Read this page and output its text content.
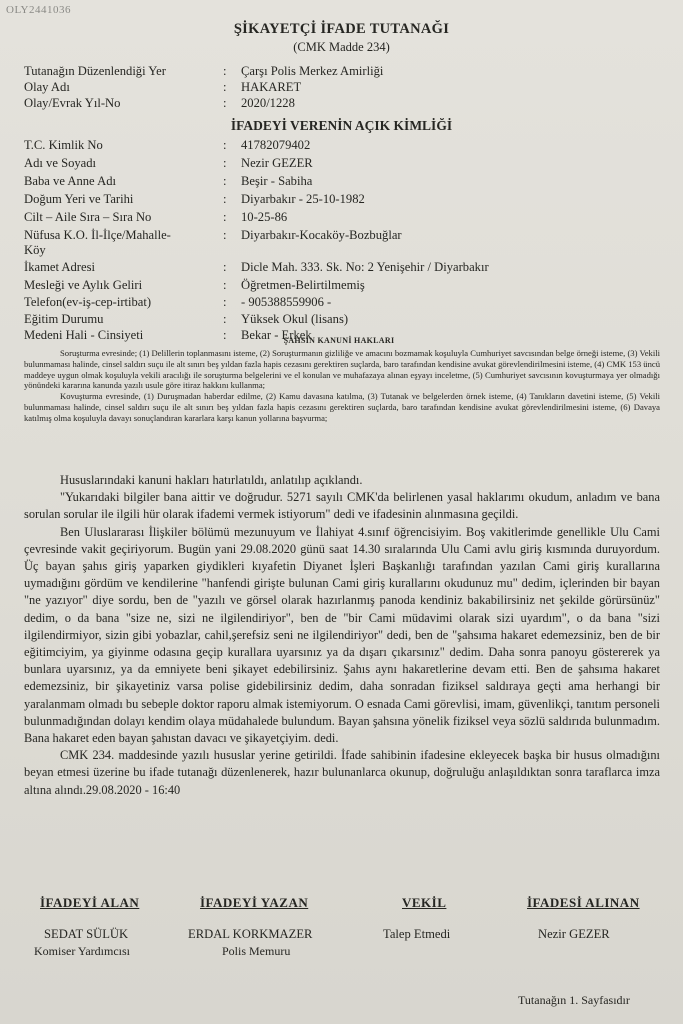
OLY2441036
ŞİKAYETÇİ İFADE TUTANAĞI
(CMK Madde 234)
Tutanağın Düzenlendiği Yer	: Çarşı Polis Merkez Amirliği
Olay Adı	: HAKARET
Olay/Evrak Yıl-No	: 2020/1228
İFADEYİ VERENİN AÇIK KİMLİĞİ
T.C. Kimlik No	: 41782079402
Adı ve Soyadı	: Nezir GEZER
Baba ve Anne Adı	: Beşir - Sabiha
Doğum Yeri ve Tarihi	: Diyarbakır - 25-10-1982
Cilt – Aile Sıra – Sıra No	: 10-25-86
Nüfusa K.O. İl-İlçe/Mahalle-	: Diyarbakır-Kocaköy-Bozbuğlar
Köy
İkamet Adresi	: Dicle Mah. 333. Sk. No: 2 Yenişehir / Diyarbakır
Mesleği ve Aylık Geliri	: Öğretmen-Belirtilmemiş
Telefon(ev-iş-cep-irtibat)	: - 905388559906 -
Eğitim Durumu	: Yüksek Okul (lisans)
Medeni Hali - Cinsiyeti	: Bekar - Erkek
ŞAHSIN KANUNİ HAKLARI

Soruşturma evresinde; (1) Delillerin toplanmasını isteme, (2) Soruşturmanın gizliliğe ve amacını bozmamak koşuluyla Cumhuriyet savcısından belge örneği isteme, (3) Vekili bulunmaması halinde, cinsel saldırı suçu ile alt sınırı beş yıldan fazla hapis cezasını gerektiren suçlarda, baro tarafından kendisine avukat görevlendirilmesini isteme, (4) CMK 153 üncü maddeye uygun olmak koşuluyla vekili aracılığı ile soruşturma belgelerini ve el konulan ve muhafazaya alınan eşyayı inceletme, (5) Cumhuriyet savcısının kovuşturmaya yer olmadığı yönündeki kararına kanunda yazılı usule göre itiraz hakkını kullanma;

Kovuşturma evresinde, (1) Duruşmadan haberdar edilme, (2) Kamu davasına katılma, (3) Tutanak ve belgelerden örnek isteme, (4) Tanıkların davetini isteme, (5) Vekili bulunmaması halinde, cinsel saldırı suçu ile alt sınırı beş yıldan fazla hapis cezasını gerektiren suçlarda, baro tarafından kendisine avukat görevlendirilmesini isteme, (6) Davaya katılmış olma koşuluyla davayı sonuçlandıran kararlara karşı kanun yollarına başvurma;

Hususlarındaki kanuni hakları hatırlatıldı, anlatılıp açıklandı.

"Yukarıdaki bilgiler bana aittir ve doğrudur. 5271 sayılı CMK'da belirlenen yasal haklarımı okudum, anladım ve bana sorulan sorular ile ilgili hür olarak ifademi vermek istiyorum" dedi ve ifadesinin alınmasına geçildi.

Ben Uluslararası İlişkiler bölümü mezunuyum ve İlahiyat 4.sınıf öğrencisiyim. Boş vakitlerimde genellikle Ulu Cami çevresinde vakit geçiriyorum. Bugün yani 29.08.2020 günü saat 14.30 sıralarında Ulu Cami avlu giriş kısmında duruyordum. Üç bayan şahıs giriş yaparken giydikleri kıyafetin Diyanet İşleri Başkanlığı tarafından yazılan Cami giriş kurallarına uymadığını gördüm ve kendilerine "hanfendi girişte bulunan Cami giriş kurallarını okudunuz mu" dedim, içlerinden bir bayan "ne yazıyor" diye sordu, ben de "yazılı ve görsel olarak hazırlanmış panoda kendiniz bakabilirsiniz net şekilde görürsünüz" dedim, o da bana "size ne, sizi ne ilgilendiriyor", ben de "bir Cami müdavimi olarak sizi uyardım", o da bana "sizi ilgilendirmiyor, sizin gibi yobazlar, cahil,şerefsiz seni ne ilgilendiriyor" dedi, ben de "şahsıma hakaret edemezsiniz, ben de bir eğitimciyim, ya giyinme odasına geçip kurallara uyarsınız ya da dışarı çıkarsınız" dedim. Daha sonra panoyu göstererek ya bunlara uyarsınız, ya da emniyete beni şikayet edebilirsiniz. Şahıs aynı hakaretlerine devam etti. Ben de şahsıma hakaret edemezsiniz, bir şikayetiniz varsa polise gidebilirsiniz dedim, daha sonradan fiziksel saldıraya geçti ama herhangi bir yaralanmam olmadı bu sebeple doktor raporu almak istemiyorum. O esnada Cami görevlisi, imam, güvenlikçi, tanıtım personeli bulunmadığından dolayı kendim olaya müdahalede bulundum. Bayan şahsına yönelik fiziksel veya sözlü saldırıda bulunmadım. Bana hakaret eden bayan şahıstan davacı ve şikayetçiyim. dedi.

CMK 234. maddesinde yazılı hususlar yerine getirildi. İfade sahibinin ifadesine ekleyecek başka bir husus olmadığını beyan etmesi üzerine bu ifade tutanağı düzenlenerek, hazır bulunanlarca okunup, doğruluğu anlaşıldıktan sonra taraflarca imza altına alındı.29.08.2020 - 16:40

İFADEYİ ALAN	İFADEYİ YAZAN	VEKİL	İFADESİ ALINAN
SEDAT SÜLÜK	ERDAL KORKMAZER	Talep Etmedi	Nezir GEZER
Komiser Yardımcısı	Polis Memuru
Tutanağın 1. Sayfasıdır
